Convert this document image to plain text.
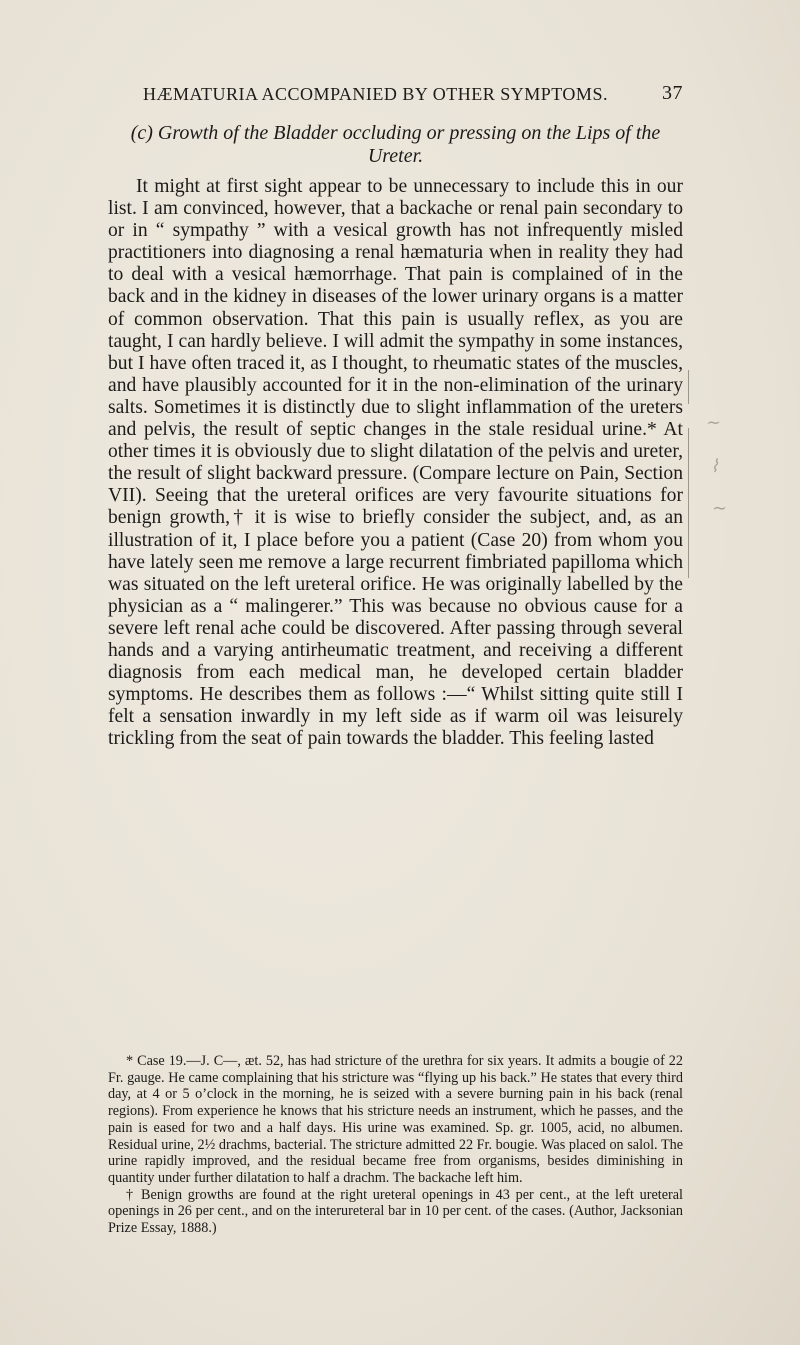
HÆMATURIA ACCOMPANIED BY OTHER SYMPTOMS.	37

(c) Growth of the Bladder occluding or pressing on the Lips of the Ureter.

It might at first sight appear to be unnecessary to include this in our list. I am convinced, however, that a backache or renal pain secondary to or in “ sympathy ” with a vesical growth has not infrequently misled practitioners into diagnosing a renal hæmaturia when in reality they had to deal with a vesical hæmorrhage. That pain is complained of in the back and in the kidney in diseases of the lower urinary organs is a matter of common observation. That this pain is usually reflex, as you are taught, I can hardly believe. I will admit the sympathy in some instances, but I have often traced it, as I thought, to rheumatic states of the muscles, and have plausibly accounted for it in the non-elimination of the urinary salts. Sometimes it is distinctly due to slight inflammation of the ureters and pelvis, the result of septic changes in the stale residual urine.* At other times it is obviously due to slight dilatation of the pelvis and ureter, the result of slight backward pressure. (Compare lecture on Pain, Section VII). Seeing that the ureteral orifices are very favourite situations for benign growth,† it is wise to briefly consider the subject, and, as an illustration of it, I place before you a patient (Case 20) from whom you have lately seen me remove a large recurrent fimbriated papilloma which was situated on the left ureteral orifice. He was originally labelled by the physician as a “ malingerer.” This was because no obvious cause for a severe left renal ache could be discovered. After passing through several hands and a varying antirheumatic treatment, and receiving a different diagnosis from each medical man, he developed certain bladder symptoms. He describes them as follows :—“ Whilst sitting quite still I felt a sensation inwardly in my left side as if warm oil was leisurely trickling from the seat of pain towards the bladder. This feeling lasted

* Case 19.—J. C—, æt. 52, has had stricture of the urethra for six years. It admits a bougie of 22 Fr. gauge. He came complaining that his stricture was “flying up his back.” He states that every third day, at 4 or 5 o’clock in the morning, he is seized with a severe burning pain in his back (renal regions). From experience he knows that his stricture needs an instrument, which he passes, and the pain is eased for two and a half days. His urine was examined. Sp. gr. 1005, acid, no albumen. Residual urine, 2½ drachms, bacterial. The stricture admitted 22 Fr. bougie. Was placed on salol. The urine rapidly improved, and the residual became free from organisms, besides diminishing in quantity under further dilatation to half a drachm. The backache left him.

† Benign growths are found at the right ureteral openings in 43 per cent., at the left ureteral openings in 26 per cent., and on the interureteral bar in 10 per cent. of the cases. (Author, Jacksonian Prize Essay, 1888.)

~
⌇
∼
